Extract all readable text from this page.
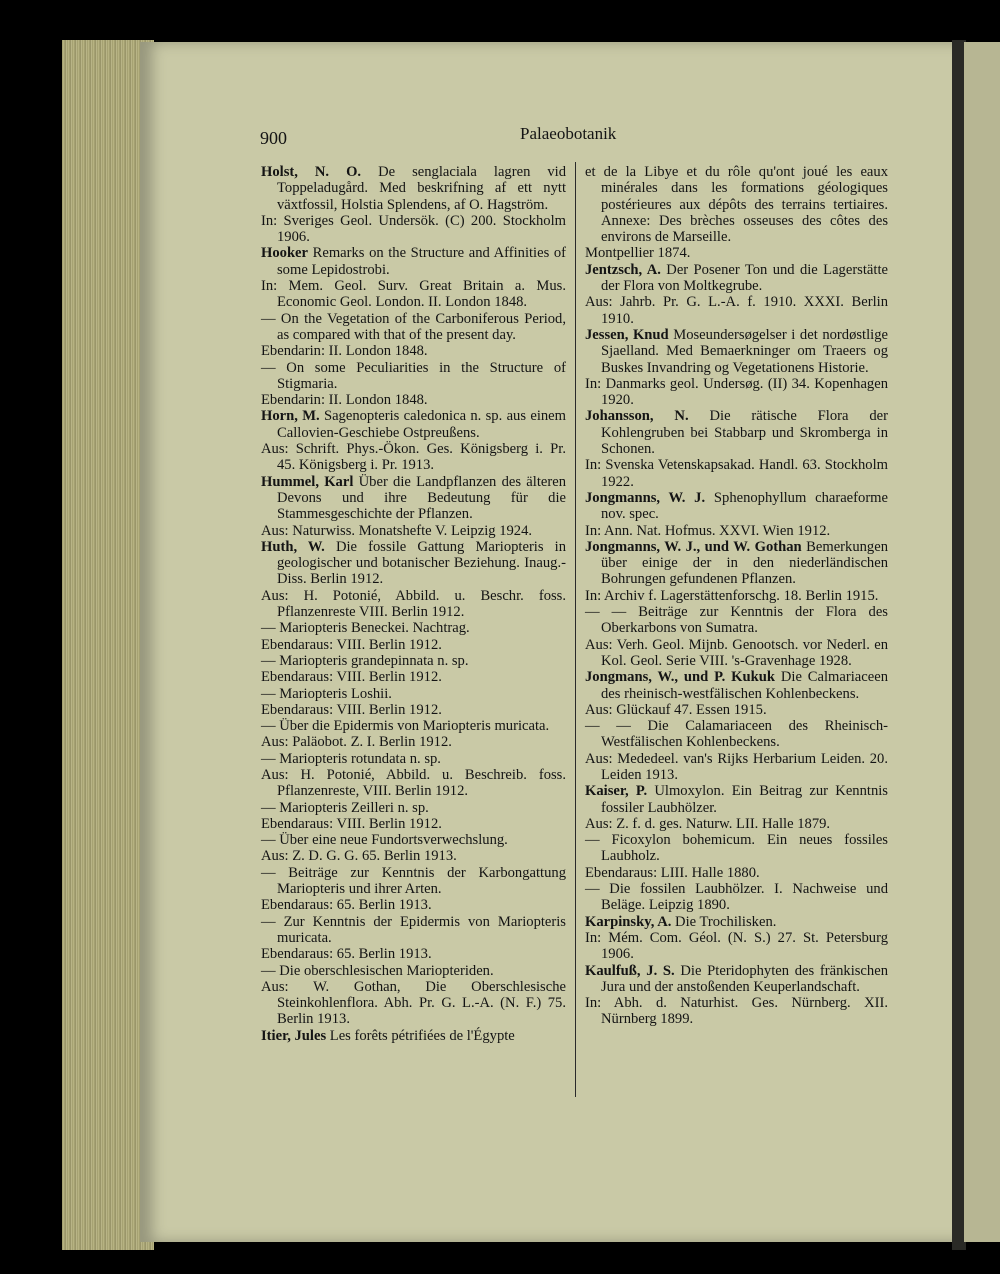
900	Palaeobotanik
Holst, N. O. De senglaciala lagren vid Toppeladugård. Med beskrifning af ett nytt växtfossil, Holstia Splendens, af O. Hagström.
In: Sveriges Geol. Undersök. (C) 200. Stockholm 1906.
Hooker Remarks on the Structure and Affinities of some Lepidostrobi.
In: Mem. Geol. Surv. Great Britain a. Mus. Economic Geol. London. II. London 1848.
— On the Vegetation of the Carboniferous Period, as compared with that of the present day.
Ebendarin: II. London 1848.
— On some Peculiarities in the Structure of Stigmaria.
Ebendarin: II. London 1848.
Horn, M. Sagenopteris caledonica n. sp. aus einem Callovien-Geschiebe Ostpreußens.
Aus: Schrift. Phys.-Ökon. Ges. Königsberg i. Pr. 45. Königsberg i. Pr. 1913.
Hummel, Karl Über die Landpflanzen des älteren Devons und ihre Bedeutung für die Stammesgeschichte der Pflanzen.
Aus: Naturwiss. Monatshefte V. Leipzig 1924.
Huth, W. Die fossile Gattung Mariopteris in geologischer und botanischer Beziehung. Inaug.-Diss. Berlin 1912.
Aus: H. Potonié, Abbild. u. Beschr. foss. Pflanzenreste VIII. Berlin 1912.
— Mariopteris Beneckei. Nachtrag.
Ebendaraus: VIII. Berlin 1912.
— Mariopteris grandepinnata n. sp.
Ebendaraus: VIII. Berlin 1912.
— Mariopteris Loshii.
Ebendaraus: VIII. Berlin 1912.
— Über die Epidermis von Mariopteris muricata.
Aus: Paläobot. Z. I. Berlin 1912.
— Mariopteris rotundata n. sp.
Aus: H. Potonié, Abbild. u. Beschreib. foss. Pflanzenreste, VIII. Berlin 1912.
— Mariopteris Zeilleri n. sp.
Ebendaraus: VIII. Berlin 1912.
— Über eine neue Fundortsverwechslung.
Aus: Z. D. G. G. 65. Berlin 1913.
— Beiträge zur Kenntnis der Karbongattung Mariopteris und ihrer Arten.
Ebendaraus: 65. Berlin 1913.
— Zur Kenntnis der Epidermis von Mariopteris muricata.
Ebendaraus: 65. Berlin 1913.
— Die oberschlesischen Mariopteriden.
Aus: W. Gothan, Die Oberschlesische Steinkohlenflora. Abh. Pr. G. L.-A. (N. F.) 75. Berlin 1913.
Itier, Jules Les forêts pétrifiées de l'Égypte
et de la Libye et du rôle qu'ont joué les eaux minérales dans les formations géologiques postérieures aux dépôts des terrains tertiaires. Annexe: Des brèches osseuses des côtes des environs de Marseille.
Montpellier 1874.
Jentzsch, A. Der Posener Ton und die Lagerstätte der Flora von Moltkegrube.
Aus: Jahrb. Pr. G. L.-A. f. 1910. XXXI. Berlin 1910.
Jessen, Knud Moseundersøgelser i det nordøstlige Sjaelland. Med Bemaerkninger om Traeers og Buskes Invandring og Vegetationens Historie.
In: Danmarks geol. Undersøg. (II) 34. Kopenhagen 1920.
Johansson, N. Die rätische Flora der Kohlengruben bei Stabbarp und Skromberga in Schonen.
In: Svenska Vetenskapsakad. Handl. 63. Stockholm 1922.
Jongmanns, W. J. Sphenophyllum charaeforme nov. spec.
In: Ann. Nat. Hofmus. XXVI. Wien 1912.
Jongmanns, W. J., und W. Gothan Bemerkungen über einige der in den niederländischen Bohrungen gefundenen Pflanzen.
In: Archiv f. Lagerstättenforschg. 18. Berlin 1915.
— — Beiträge zur Kenntnis der Flora des Oberkarbons von Sumatra.
Aus: Verh. Geol. Mijnb. Genootsch. vor Nederl. en Kol. Geol. Serie VIII. 's-Gravenhage 1928.
Jongmans, W., und P. Kukuk Die Calmariaceen des rheinisch-westfälischen Kohlenbeckens.
Aus: Glückauf 47. Essen 1915.
— — Die Calamariaceen des Rheinisch-Westfälischen Kohlenbeckens.
Aus: Mededeel. van's Rijks Herbarium Leiden. 20. Leiden 1913.
Kaiser, P. Ulmoxylon. Ein Beitrag zur Kenntnis fossiler Laubhölzer.
Aus: Z. f. d. ges. Naturw. LII. Halle 1879.
— Ficoxylon bohemicum. Ein neues fossiles Laubholz.
Ebendaraus: LIII. Halle 1880.
— Die fossilen Laubhölzer. I. Nachweise und Beläge. Leipzig 1890.
Karpinsky, A. Die Trochilisken.
In: Mém. Com. Géol. (N. S.) 27. St. Petersburg 1906.
Kaulfuß, J. S. Die Pteridophyten des fränkischen Jura und der anstoßenden Keuperlandschaft.
In: Abh. d. Naturhist. Ges. Nürnberg. XII. Nürnberg 1899.
